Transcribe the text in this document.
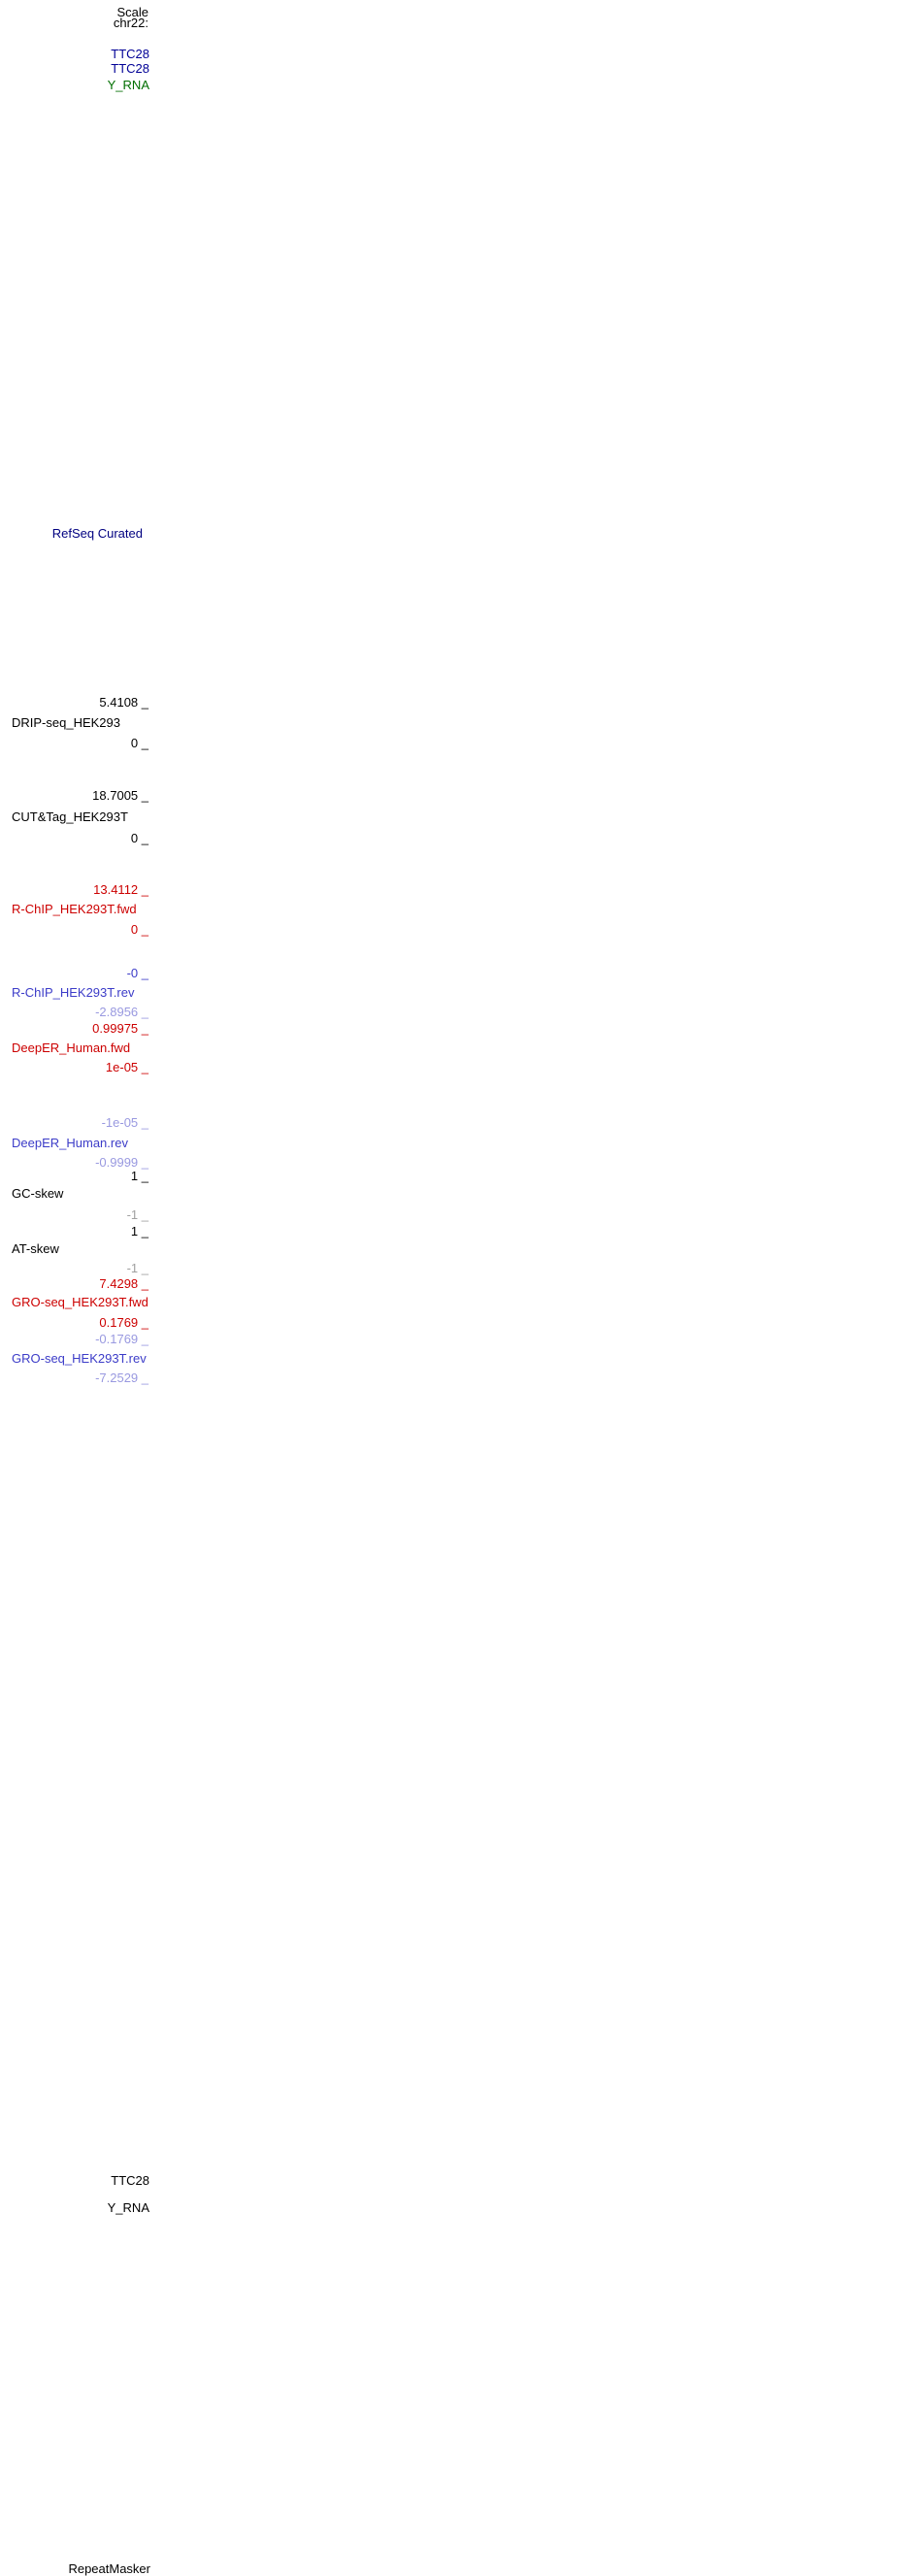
Scale
chr22:
TTC28
TTC28
Y_RNA
RefSeq Curated
5.4108 _
DRIP-seq_HEK293
0 _
18.7005 _
CUT&Tag_HEK293T
0 _
13.4112 _
R-ChIP_HEK293T.fwd
0 _
-0 _
R-ChIP_HEK293T.rev
-2.8956 _
0.99975 _
DeepER_Human.fwd
1e-05 _
-1e-05 _
DeepER_Human.rev
-0.9999 _
1 _
GC-skew
-1 _
1 _
AT-skew
-1 _
7.4298 _
GRO-seq_HEK293T.fwd
0.1769 _
-0.1769 _
GRO-seq_HEK293T.rev
-7.2529 _
TTC28
Y_RNA
RepeatMasker
